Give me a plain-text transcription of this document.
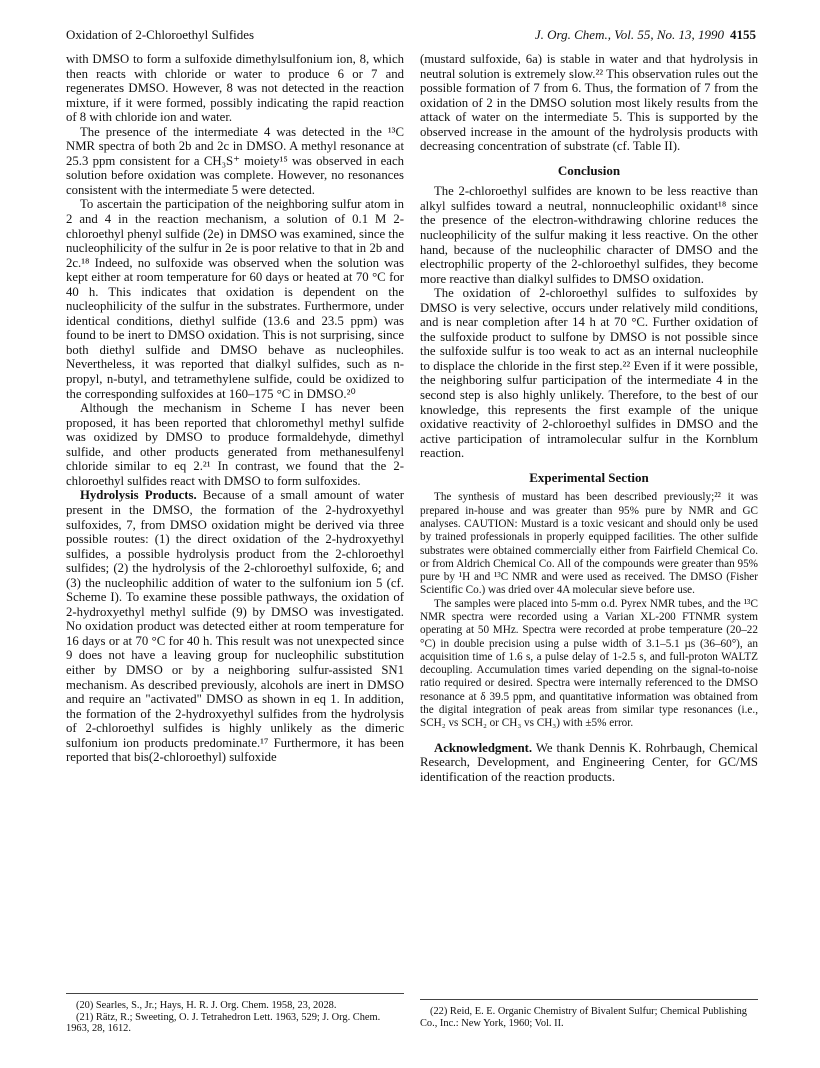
Oxidation of 2-Chloroethyl Sulfides	J. Org. Chem., Vol. 55, No. 13, 1990 4155

with DMSO to form a sulfoxide dimethylsulfonium ion, 8, which then reacts with chloride or water to produce 6 or 7 and regenerates DMSO. However, 8 was not detected in the reaction mixture, if it were formed, possibly indicating the rapid reaction of 8 with chloride ion and water.

The presence of the intermediate 4 was detected in the ¹³C NMR spectra of both 2b and 2c in DMSO. A methyl resonance at 25.3 ppm consistent for a CH₃S⁺ moiety¹⁵ was observed in each solution before oxidation was complete. However, no resonances consistent with the intermediate 5 were detected.

To ascertain the participation of the neighboring sulfur atom in 2 and 4 in the reaction mechanism, a solution of 0.1 M 2-chloroethyl phenyl sulfide (2e) in DMSO was examined, since the nucleophilicity of the sulfur in 2e is poor relative to that in 2b and 2c.¹⁸ Indeed, no sulfoxide was observed when the solution was kept either at room temperature for 60 days or heated at 70 °C for 40 h. This indicates that oxidation is dependent on the nucleophilicity of the sulfur in the substrates. Furthermore, under identical conditions, diethyl sulfide (13.6 and 23.5 ppm) was found to be inert to DMSO oxidation. This is not surprising, since both diethyl sulfide and DMSO behave as nucleophiles. Nevertheless, it was reported that dialkyl sulfides, such as n-propyl, n-butyl, and tetramethylene sulfide, could be oxidized to the corresponding sulfoxides at 160–175 °C in DMSO.²⁰

Although the mechanism in Scheme I has never been proposed, it has been reported that chloromethyl methyl sulfide was oxidized by DMSO to produce formaldehyde, dimethyl sulfide, and other products generated from methanesulfenyl chloride similar to eq 2.²¹ In contrast, we found that the 2-chloroethyl sulfides react with DMSO to form sulfoxides.

Hydrolysis Products. Because of a small amount of water present in the DMSO, the formation of the 2-hydroxyethyl sulfoxides, 7, from DMSO oxidation might be derived via three possible routes: (1) the direct oxidation of the 2-hydroxyethyl sulfides, a possible hydrolysis product from the 2-chloroethyl sulfides; (2) the hydrolysis of the 2-chloroethyl sulfoxide, 6; and (3) the nucleophilic addition of water to the sulfonium ion 5 (cf. Scheme I). To examine these possible pathways, the oxidation of 2-hydroxyethyl methyl sulfide (9) by DMSO was investigated. No oxidation product was detected either at room temperature for 16 days or at 70 °C for 40 h. This result was not unexpected since 9 does not have a leaving group for nucleophilic substitution either by DMSO or by a neighboring sulfur-assisted SN1 mechanism. As described previously, alcohols are inert in DMSO and require an "activated" DMSO as shown in eq 1. In addition, the formation of the 2-hydroxyethyl sulfides from the hydrolysis of 2-chloroethyl sulfides is highly unlikely as the dimeric sulfonium ion products predominate.¹⁷ Furthermore, it has been reported that bis(2-chloroethyl) sulfoxide

(mustard sulfoxide, 6a) is stable in water and that hydrolysis in neutral solution is extremely slow.²² This observation rules out the possible formation of 7 from 6. Thus, the formation of 7 from the oxidation of 2 in the DMSO solution most likely results from the attack of water on the intermediate 5. This is supported by the observed increase in the amount of the hydrolysis products with decreasing concentration of substrate (cf. Table II).

Conclusion

The 2-chloroethyl sulfides are known to be less reactive than alkyl sulfides toward a neutral, nonnucleophilic oxidant¹⁸ since the presence of the electron-withdrawing chlorine reduces the nucleophilicity of the sulfur making it less reactive. On the other hand, because of the nucleophilic character of DMSO and the electrophilic property of the 2-chloroethyl sulfides, they become more reactive than dialkyl sulfides to DMSO oxidation.

The oxidation of 2-chloroethyl sulfides to sulfoxides by DMSO is very selective, occurs under relatively mild conditions, and is near completion after 14 h at 70 °C. Further oxidation of the sulfoxide product to sulfone by DMSO is not possible since the sulfoxide sulfur is too weak to act as an internal nucleophile to displace the chloride in the first step.²² Even if it were possible, the neighboring sulfur participation of the intermediate 4 in the second step is also highly unlikely. Therefore, to the best of our knowledge, this represents the first example of the unique oxidative reactivity of 2-chloroethyl sulfides in DMSO and the active participation of intramolecular sulfur in the Kornblum reaction.

Experimental Section

The synthesis of mustard has been described previously;²² it was prepared in-house and was greater than 95% pure by NMR and GC analyses. CAUTION: Mustard is a toxic vesicant and should only be used by trained professionals in properly equipped facilities. The other sulfide substrates were obtained commercially either from Fairfield Chemical Co. or from Aldrich Chemical Co. All of the compounds were greater than 95% pure by ¹H and ¹³C NMR and were used as received. The DMSO (Fisher Scientific Co.) was dried over 4A molecular sieve before use.

The samples were placed into 5-mm o.d. Pyrex NMR tubes, and the ¹³C NMR spectra were recorded using a Varian XL-200 FTNMR system operating at 50 MHz. Spectra were recorded at probe temperature (20–22 °C) in double precision using a pulse width of 3.1–5.1 µs (36–60°), an acquisition time of 1.6 s, a pulse delay of 1-2.5 s, and full-proton WALTZ decoupling. Accumulation times varied depending on the signal-to-noise ratio required or desired. Spectra were internally referenced to the DMSO resonance at δ 39.5 ppm, and quantitative information was obtained from the digital integration of peak areas from similar type resonances (i.e., SCH₂ vs SCH₂ or CH₃ vs CH₃) with ±5% error.

Acknowledgment. We thank Dennis K. Rohrbaugh, Chemical Research, Development, and Engineering Center, for GC/MS identification of the reaction products.

(20) Searles, S., Jr.; Hays, H. R. J. Org. Chem. 1958, 23, 2028.
(21) Rätz, R.; Sweeting, O. J. Tetrahedron Lett. 1963, 529; J. Org. Chem. 1963, 28, 1612.
(22) Reid, E. E. Organic Chemistry of Bivalent Sulfur; Chemical Publishing Co., Inc.: New York, 1960; Vol. II.
